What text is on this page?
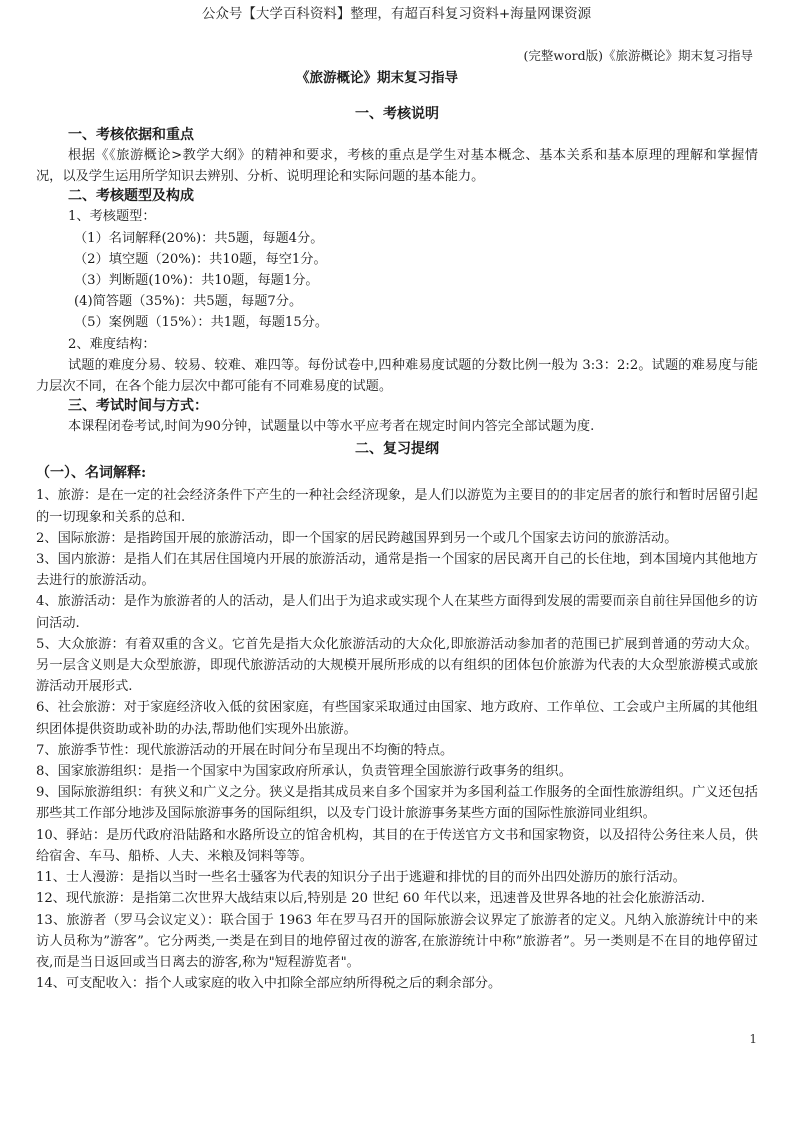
公众号【大学百科资料】整理，有超百科复习资料+海量网课资源
(完整word版)《旅游概论》期末复习指导

《旅游概论》期末复习指导

一、考核说明

一、考核依据和重点

根据《《旅游概论>教学大纲》的精神和要求，考核的重点是学生对基本概念、基本关系和基本原理的理解和掌握情况，以及学生运用所学知识去辨别、分析、说明理论和实际问题的基本能力。

二、考核题型及构成

1、考核题型：

（1）名词解释(20%)：共5题，每题4分。

（2）填空题（20%)：共10题，每空1分。

（3）判断题(10%)：共10题，每题1分。

(4)简答题（35%)：共5题，每题7分。

（5）案例题（15%）：共1题，每题15分。

2、难度结构：

试题的难度分易、较易、较难、难四等。每份试卷中,四种难易度试题的分数比例一般为 3:3：2:2。试题的难易度与能力层次不同，在各个能力层次中都可能有不同难易度的试题。

三、考试时间与方式：

本课程闭卷考试,时间为90分钟，试题量以中等水平应考者在规定时间内答完全部试题为度.

二、复习提纲

（一）、名词解释:

1、旅游：是在一定的社会经济条件下产生的一种社会经济现象，是人们以游览为主要目的的非定居者的旅行和暂时居留引起的一切现象和关系的总和.

2、国际旅游：是指跨国开展的旅游活动，即一个国家的居民跨越国界到另一个或几个国家去访问的旅游活动。

3、国内旅游：是指人们在其居住国境内开展的旅游活动，通常是指一个国家的居民离开自己的长住地，到本国境内其他地方去进行的旅游活动。

4、旅游活动：是作为旅游者的人的活动，是人们出于为追求或实现个人在某些方面得到发展的需要而亲自前往异国他乡的访问活动.

5、大众旅游：有着双重的含义。它首先是指大众化旅游活动的大众化,即旅游活动参加者的范围已扩展到普通的劳动大众。另一层含义则是大众型旅游，即现代旅游活动的大规模开展所形成的以有组织的团体包价旅游为代表的大众型旅游模式或旅游活动开展形式.

6、社会旅游：对于家庭经济收入低的贫困家庭，有些国家采取通过由国家、地方政府、工作单位、工会或户主所属的其他组织团体提供资助或补助的办法,帮助他们实现外出旅游。

7、旅游季节性：现代旅游活动的开展在时间分布呈现出不均衡的特点。

8、国家旅游组织：是指一个国家中为国家政府所承认，负责管理全国旅游行政事务的组织。

9、国际旅游组织：有狭义和广义之分。狭义是指其成员来自多个国家并为多国利益工作服务的全面性旅游组织。广义还包括那些其工作部分地涉及国际旅游事务的国际组织，以及专门设计旅游事务某些方面的国际性旅游同业组织。

10、驿站：是历代政府沿陆路和水路所设立的馆舍机构，其目的在于传送官方文书和国家物资，以及招待公务往来人员，供给宿舍、车马、船桥、人夫、米粮及饲料等等。

11、士人漫游：是指以当时一些名士骚客为代表的知识分子出于逃避和排忧的目的而外出四处游历的旅行活动。

12、现代旅游：是指第二次世界大战结束以后,特别是 20 世纪 60 年代以来，迅速普及世界各地的社会化旅游活动.

13、旅游者（罗马会议定义）：联合国于 1963 年在罗马召开的国际旅游会议界定了旅游者的定义。凡纳入旅游统计中的来访人员称为”游客”。它分两类,一类是在到目的地停留过夜的游客,在旅游统计中称”旅游者”。另一类则是不在目的地停留过夜,而是当日返回或当日离去的游客,称为"短程游览者"。

14、可支配收入：指个人或家庭的收入中扣除全部应纳所得税之后的剩余部分。

1
